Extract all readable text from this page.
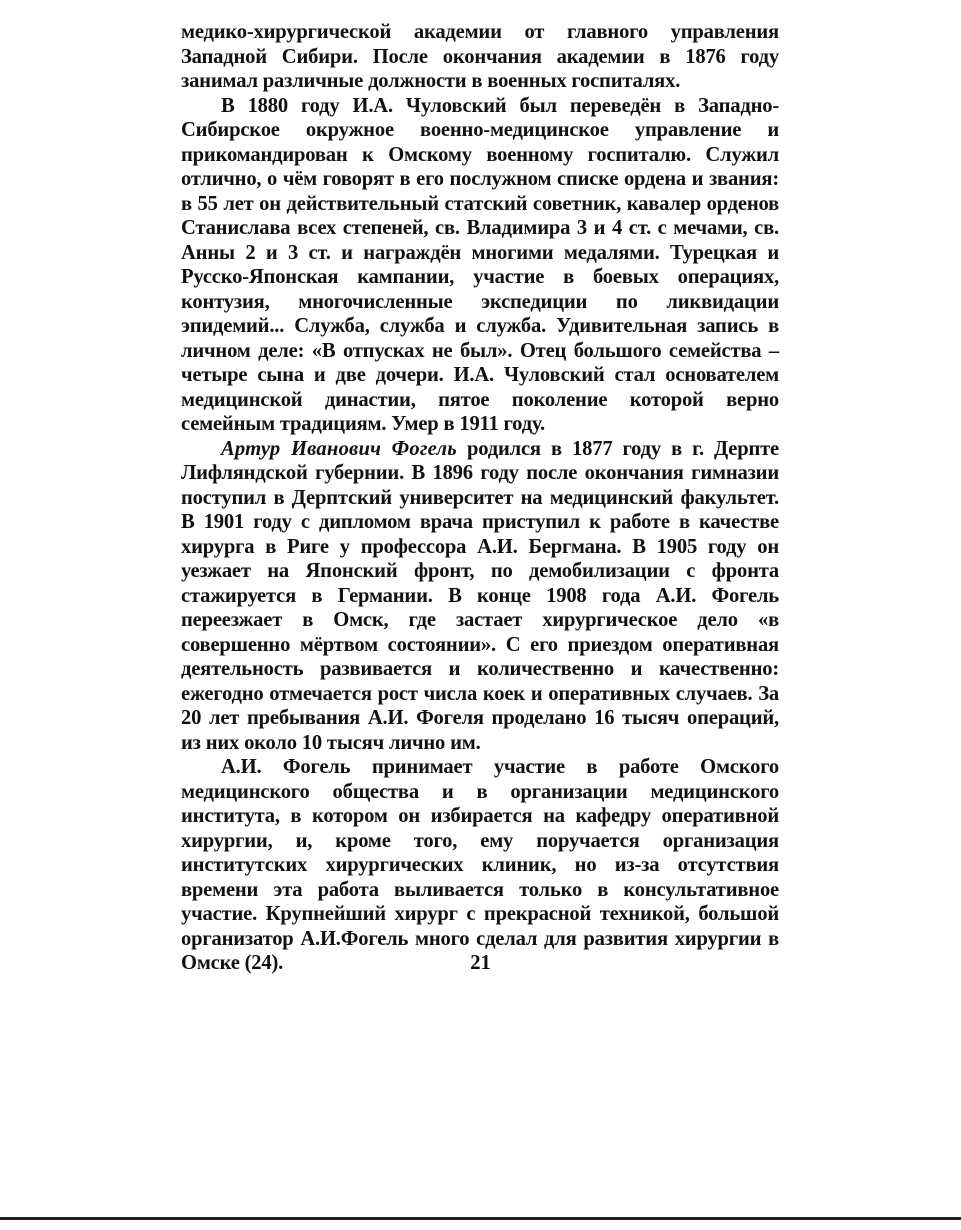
медико-хирургической академии от главного управления Западной Сибири. После окончания академии в 1876 году занимал различные должности в военных госпиталях.

В 1880 году И.А. Чуловский был переведён в Западно-Сибирское окружное военно-медицинское управление и прикомандирован к Омскому военному госпиталю. Служил отлично, о чём говорят в его послужном списке ордена и звания: в 55 лет он действительный статский советник, кавалер орденов Станислава всех степеней, св. Владимира 3 и 4 ст. с мечами, св. Анны 2 и 3 ст. и награждён многими медалями. Турецкая и Русско-Японская кампании, участие в боевых операциях, контузия, многочисленные экспедиции по ликвидации эпидемий... Служба, служба и служба. Удивительная запись в личном деле: «В отпусках не был». Отец большого семейства – четыре сына и две дочери. И.А. Чуловский стал основателем медицинской династии, пятое поколение которой верно семейным традициям. Умер в 1911 году.

Артур Иванович Фогель родился в 1877 году в г. Дерпте Лифляндской губернии. В 1896 году после окончания гимназии поступил в Дерптский университет на медицинский факультет. В 1901 году с дипломом врача приступил к работе в качестве хирурга в Риге у профессора А.И. Бергмана. В 1905 году он уезжает на Японский фронт, по демобилизации с фронта стажируется в Германии. В конце 1908 года А.И. Фогель переезжает в Омск, где застает хирургическое дело «в совершенно мёртвом состоянии». С его приездом оперативная деятельность развивается и количественно и качественно: ежегодно отмечается рост числа коек и оперативных случаев. За 20 лет пребывания А.И. Фогеля проделано 16 тысяч операций, из них около 10 тысяч лично им.

А.И. Фогель принимает участие в работе Омского медицинского общества и в организации медицинского института, в котором он избирается на кафедру оперативной хирургии, и, кроме того, ему поручается организация институтских хирургических клиник, но из-за отсутствия времени эта работа выливается только в консультативное участие. Крупнейший хирург с прекрасной техникой, большой организатор А.И.Фогель много сделал для развития хирургии в Омске (24).	21
